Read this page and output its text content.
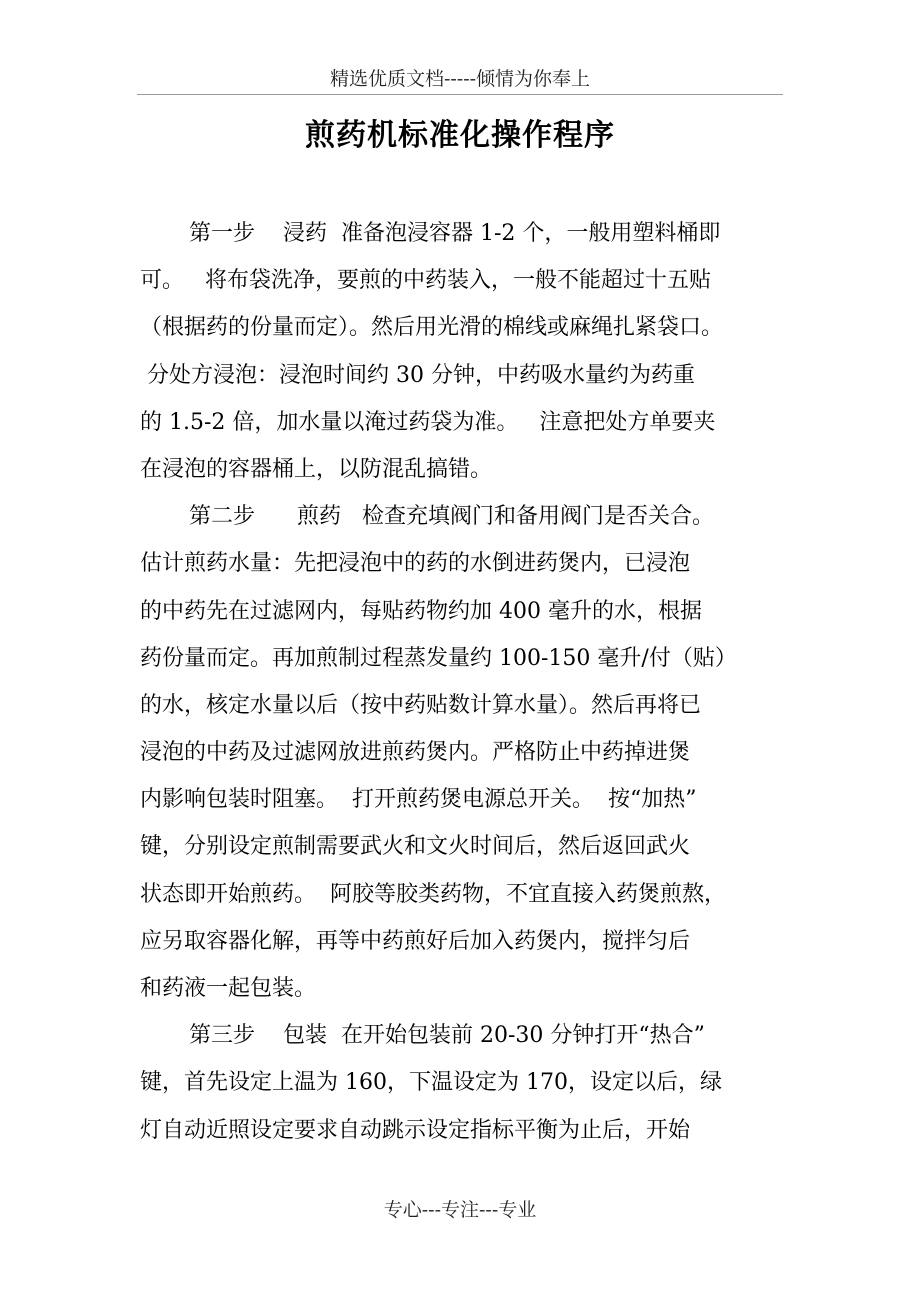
精选优质文档-----倾情为你奉上
煎药机标准化操作程序
第一步    浸药  准备泡浸容器 1-2 个，一般用塑料桶即
可。   将布袋洗净，要煎的中药装入，一般不能超过十五贴
（根据药的份量而定）。然后用光滑的棉线或麻绳扎紧袋口。
分处方浸泡：浸泡时间约 30 分钟，中药吸水量约为药重
的 1.5-2 倍，加水量以淹过药袋为准。   注意把处方单要夹
在浸泡的容器桶上，以防混乱搞错。
第二步      煎药   检查充填阀门和备用阀门是否关合。
估计煎药水量：先把浸泡中的药的水倒进药煲内，已浸泡
的中药先在过滤网内，每贴药物约加 400 毫升的水，根据
药份量而定。再加煎制过程蒸发量约 100-150 毫升/付（贴）
的水，核定水量以后（按中药贴数计算水量）。然后再将已
浸泡的中药及过滤网放进煎药煲内。严格防止中药掉进煲
内影响包装时阻塞。  打开煎药煲电源总开关。  按“加热”
键，分别设定煎制需要武火和文火时间后，然后返回武火
状态即开始煎药。  阿胶等胶类药物，不宜直接入药煲煎熬，
应另取容器化解，再等中药煎好后加入药煲内，搅拌匀后
和药液一起包装。
第三步    包装  在开始包装前 20-30 分钟打开“热合”
键，首先设定上温为 160，下温设定为 170，设定以后，绿
灯自动近照设定要求自动跳示设定指标平衡为止后，开始
专心---专注---专业
